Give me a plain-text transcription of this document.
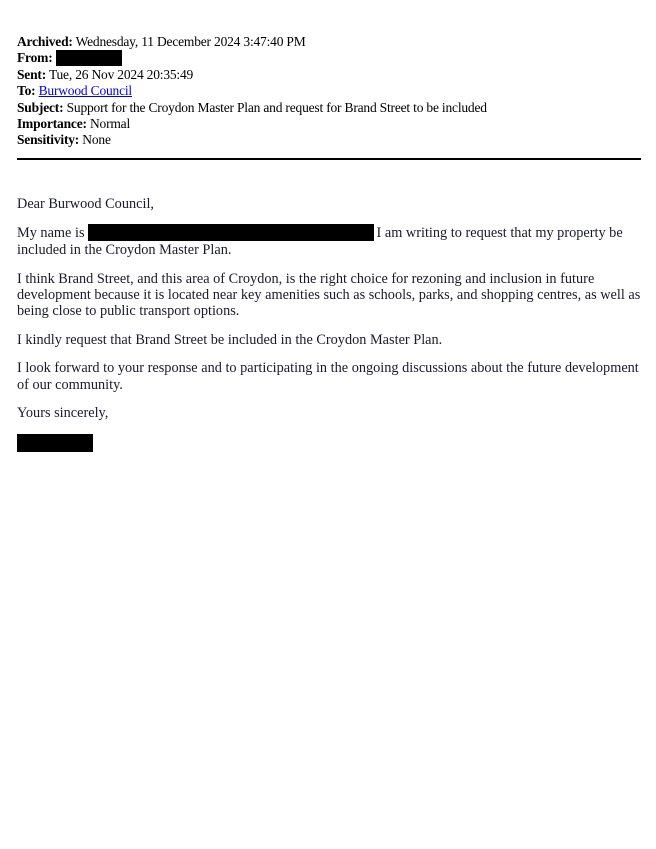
Archived: Wednesday, 11 December 2024 3:47:40 PM
From:
Sent: Tue, 26 Nov 2024 20:35:49
To: Burwood Council
Subject: Support for the Croydon Master Plan and request for Brand Street to be included
Importance: Normal
Sensitivity: None

Dear Burwood Council,

My name is	I am writing to request that my property be included in the Croydon Master Plan.

I think Brand Street, and this area of Croydon, is the right choice for rezoning and inclusion in future development because it is located near key amenities such as schools, parks, and shopping centres, as well as being close to public transport options.

I kindly request that Brand Street be included in the Croydon Master Plan.

I look forward to your response and to participating in the ongoing discussions about the future development of our community.

Yours sincerely,
